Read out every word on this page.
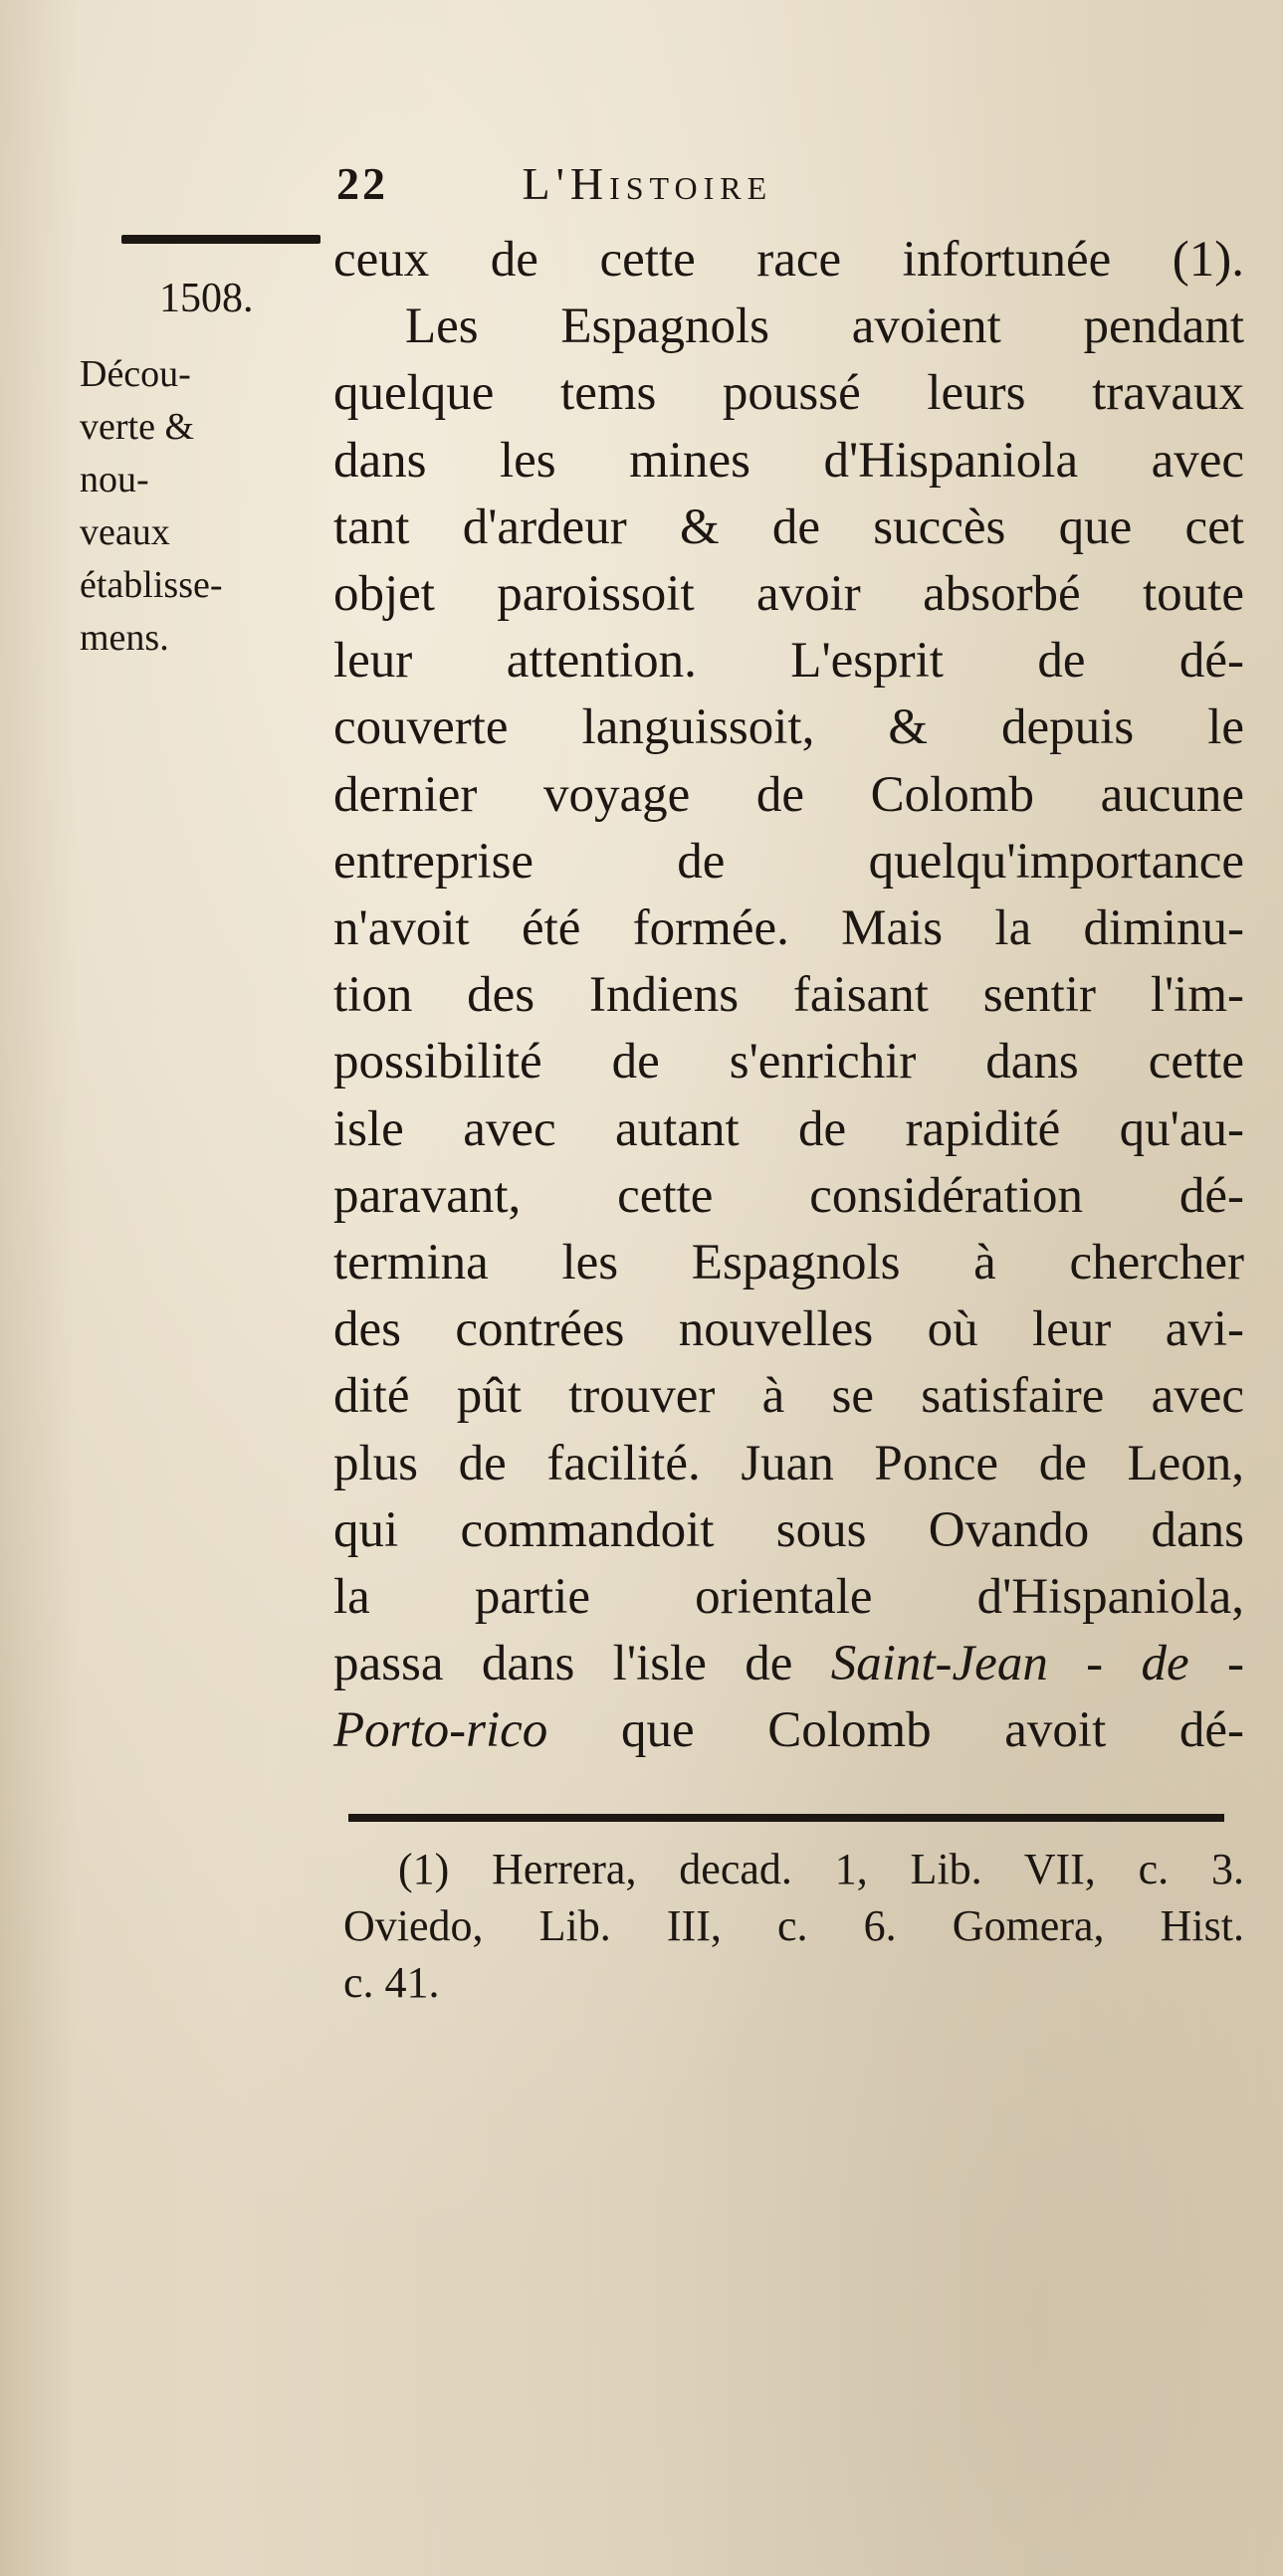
22	L'Histoire
1508.
Décou-
verte &
nou-
veaux
établisse-
mens.
ceux de cette race infortunée (1).
Les Espagnols avoient pendant
quelque tems poussé leurs travaux
dans les mines d'Hispaniola avec
tant d'ardeur & de succès que cet
objet paroissoit avoir absorbé toute
leur attention. L'esprit de dé-
couverte languissoit, & depuis le
dernier voyage de Colomb aucune
entreprise de quelqu'importance
n'avoit été formée. Mais la diminu-
tion des Indiens faisant sentir l'im-
possibilité de s'enrichir dans cette
isle avec autant de rapidité qu'au-
paravant, cette considération dé-
termina les Espagnols à chercher
des contrées nouvelles où leur avi-
dité pût trouver à se satisfaire avec
plus de facilité. Juan Ponce de Leon,
qui commandoit sous Ovando dans
la partie orientale d'Hispaniola,
passa dans l'isle de Saint-Jean - de -
Porto-rico que Colomb avoit dé-
(1) Herrera, decad. 1, Lib. VII, c. 3.
Oviedo, Lib. III, c. 6. Gomera, Hist.
c. 41.
